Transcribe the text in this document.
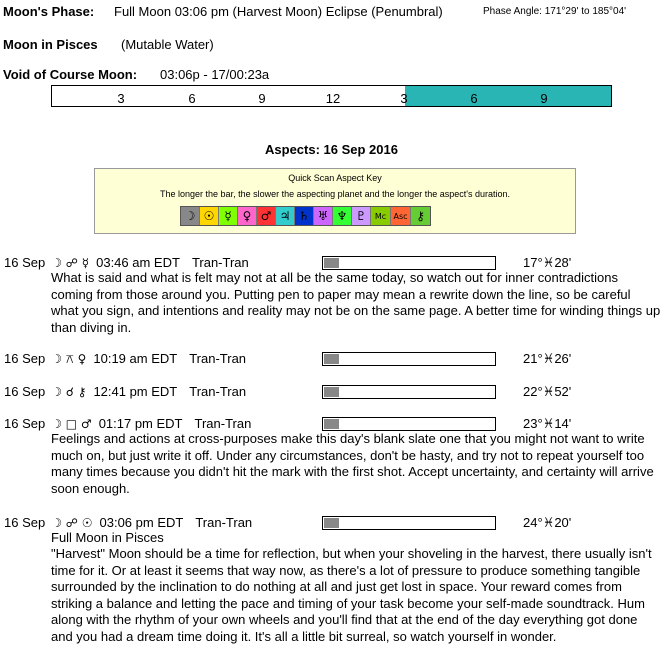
Moon's Phase: Full Moon 03:06 pm (Harvest Moon) Eclipse (Penumbral)	Phase Angle: 171°29' to 185°04'
Moon in Pisces (Mutable Water)
Void of Course Moon: 03:06p - 17/00:23a
3	6	9	12	3	6	9
Aspects: 16 Sep 2016
Quick Scan Aspect Key
The longer the bar, the slower the aspecting planet and the longer the aspect's duration.
☽ ☉ ☿ ♀ ♂ ♃ ♄ ♅ ♆ ♇	Mc Asc ⚷
16 Sep ☽ ☍ ☿ 03:46 am EDT Tran-Tran	17°♓28'
What is said and what is felt may not at all be the same today, so watch out for inner contradictions coming from those around you. Putting pen to paper may mean a rewrite down the line, so be careful what you sign, and intentions and reality may not be on the same page. A better time for winding things up than diving in.
16 Sep ☽ ⚻ ♀ 10:19 am EDT Tran-Tran	21°♓26'
16 Sep ☽ ☌ ⚷ 12:41 pm EDT Tran-Tran	22°♓52'
16 Sep ☽ □ ♂ 01:17 pm EDT Tran-Tran	23°♓14'
Feelings and actions at cross-purposes make this day's blank slate one that you might not want to write much on, but just write it off. Under any circumstances, don't be hasty, and try not to repeat yourself too many times because you didn't hit the mark with the first shot. Accept uncertainty, and certainty will arrive soon enough.
16 Sep ☽ ☍ ☉ 03:06 pm EDT Tran-Tran	24°♓20'
Full Moon in Pisces
"Harvest" Moon should be a time for reflection, but when your shoveling in the harvest, there usually isn't time for it. Or at least it seems that way now, as there's a lot of pressure to produce something tangible surrounded by the inclination to do nothing at all and just get lost in space. Your reward comes from striking a balance and letting the pace and timing of your task become your self-made soundtrack. Hum along with the rhythm of your own wheels and you'll find that at the end of the day everything got done and you had a dream time doing it. It's all a little bit surreal, so watch yourself in wonder.
